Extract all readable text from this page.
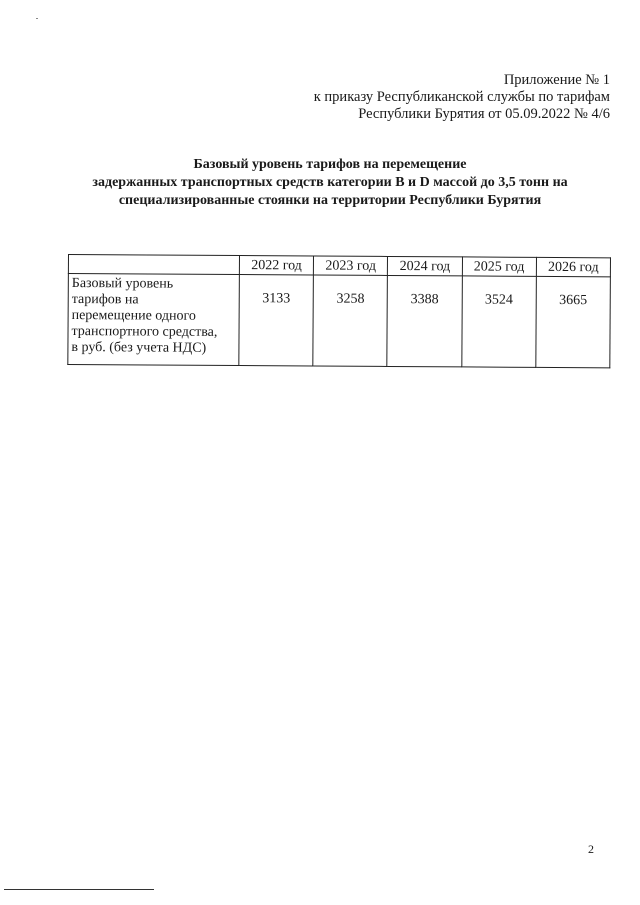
Приложение № 1
к приказу Республиканской службы по тарифам
Республики Бурятия от 05.09.2022 № 4/6
Базовый уровень тарифов на перемещение
задержанных транспортных средств категории В и D массой до 3,5 тонн на
специализированные стоянки на территории Республики Бурятия
	2022 год	2023 год	2024 год	2025 год	2026 год

Базовый уровень
тарифов на
перемещение одного
транспортного средства,
в руб. (без учета НДС)	3133	3258	3388	3524	3665
2
